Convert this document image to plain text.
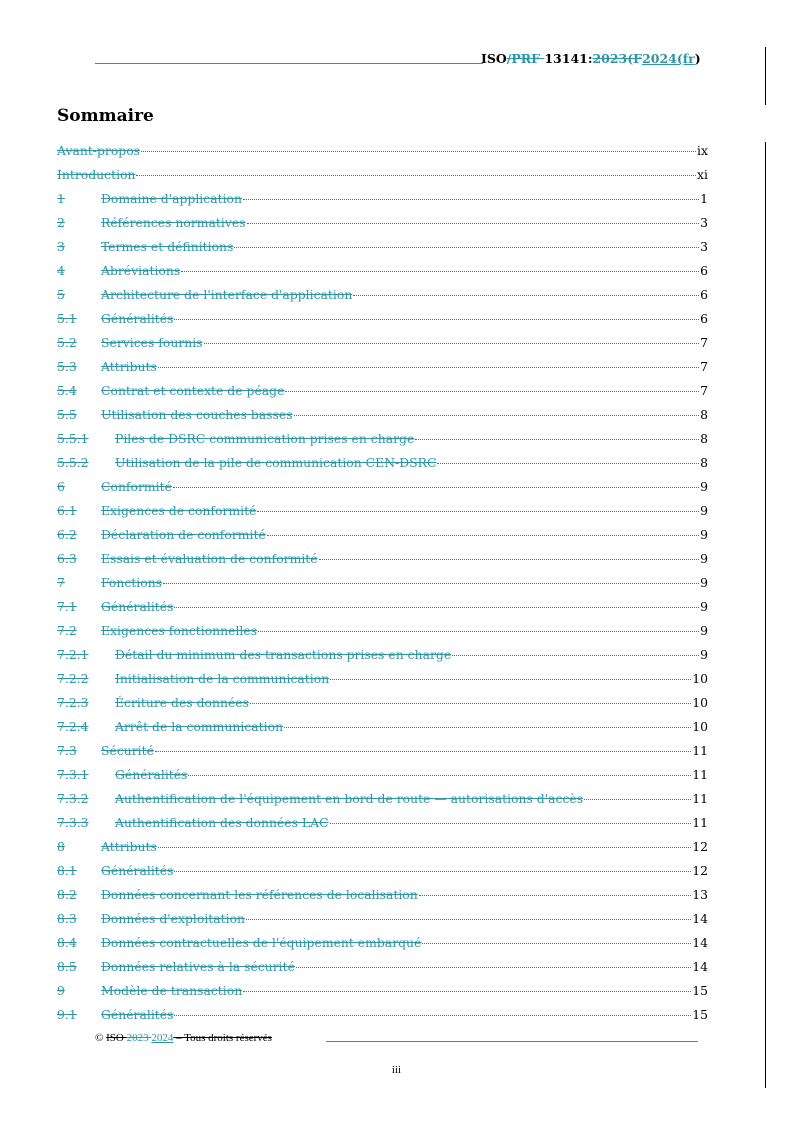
ISO/PRF 13141:2023(F2024(fr)
Sommaire
Avant-propos	ix
Introduction	xi
1	Domaine d'application	1
2	Références normatives	3
3	Termes et définitions	3
4	Abréviations	6
5	Architecture de l'interface d'application	6
5.1	Généralités	6
5.2	Services fournis	7
5.3	Attributs	7
5.4	Contrat et contexte de péage	7
5.5	Utilisation des couches basses	8
5.5.1	Piles de DSRC communication prises en charge	8
5.5.2	Utilisation de la pile de communication CEN-DSRC	8
6	Conformité	9
6.1	Exigences de conformité	9
6.2	Déclaration de conformité	9
6.3	Essais et évaluation de conformité	9
7	Fonctions	9
7.1	Généralités	9
7.2	Exigences fonctionnelles	9
7.2.1	Détail du minimum des transactions prises en charge	9
7.2.2	Initialisation de la communication	10
7.2.3	Écriture des données	10
7.2.4	Arrêt de la communication	10
7.3	Sécurité	11
7.3.1	Généralités	11
7.3.2	Authentification de l'équipement en bord de route — autorisations d'accès	11
7.3.3	Authentification des données LAC	11
8	Attributs	12
8.1	Généralités	12
8.2	Données concernant les références de localisation	13
8.3	Données d'exploitation	14
8.4	Données contractuelles de l'équipement embarqué	14
8.5	Données relatives à la sécurité	14
9	Modèle de transaction	15
9.1	Généralités	15
© ISO 2023 2024 – Tous droits réservés
iii
